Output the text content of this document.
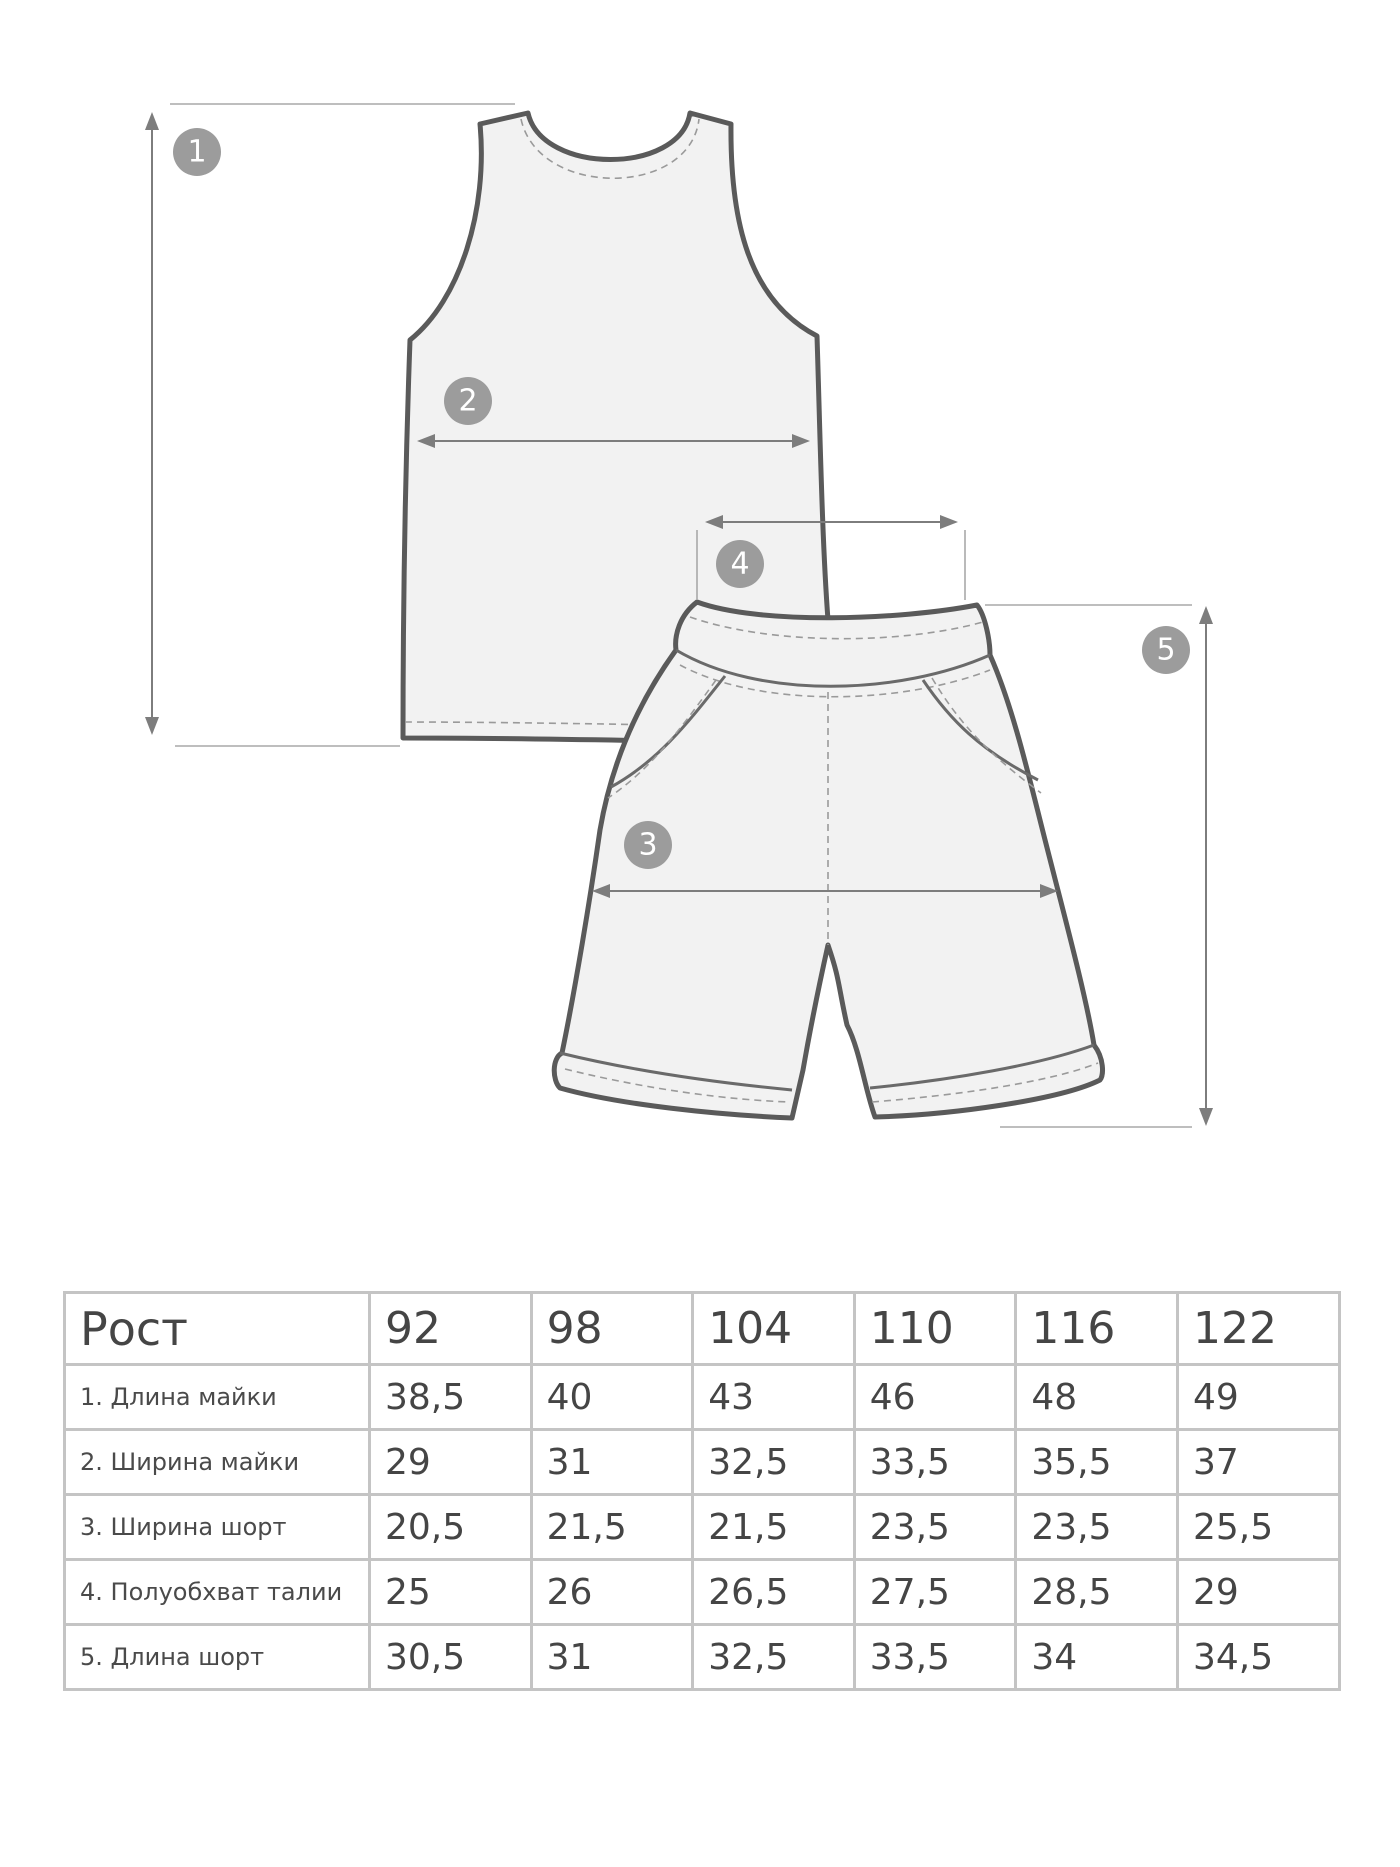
1
2
3
4
5
Рост	92	98	104	110	116	122
1. Длина майки	38,5	40	43	46	48	49
2. Ширина майки	29	31	32,5	33,5	35,5	37
3. Ширина шорт	20,5	21,5	21,5	23,5	23,5	25,5
4. Полуобхват талии	25	26	26,5	27,5	28,5	29
5. Длина шорт	30,5	31	32,5	33,5	34	34,5
